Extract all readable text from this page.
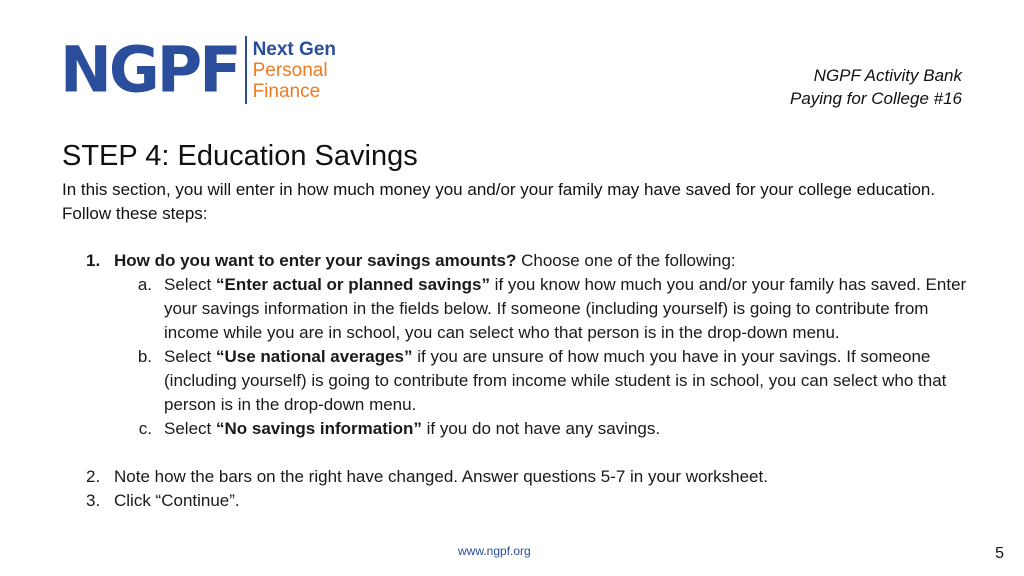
NGPF Next Gen
Personal
Finance
NGPF Activity Bank
Paying for College #16
STEP 4: Education Savings
In this section, you will enter in how much money you and/or your family may have saved for your college education. Follow these steps:
1. How do you want to enter your savings amounts? Choose one of the following:
a. Select “Enter actual or planned savings” if you know how much you and/or your family has saved. Enter your savings information in the fields below. If someone (including yourself) is going to contribute from income while you are in school, you can select who that person is in the drop-down menu.
b. Select “Use national averages” if you are unsure of how much you have in your savings. If someone (including yourself) is going to contribute from income while student is in school, you can select who that person is in the drop-down menu.
c. Select “No savings information” if you do not have any savings.
2. Note how the bars on the right have changed. Answer questions 5-7 in your worksheet.
3. Click “Continue”.
www.ngpf.org	5
